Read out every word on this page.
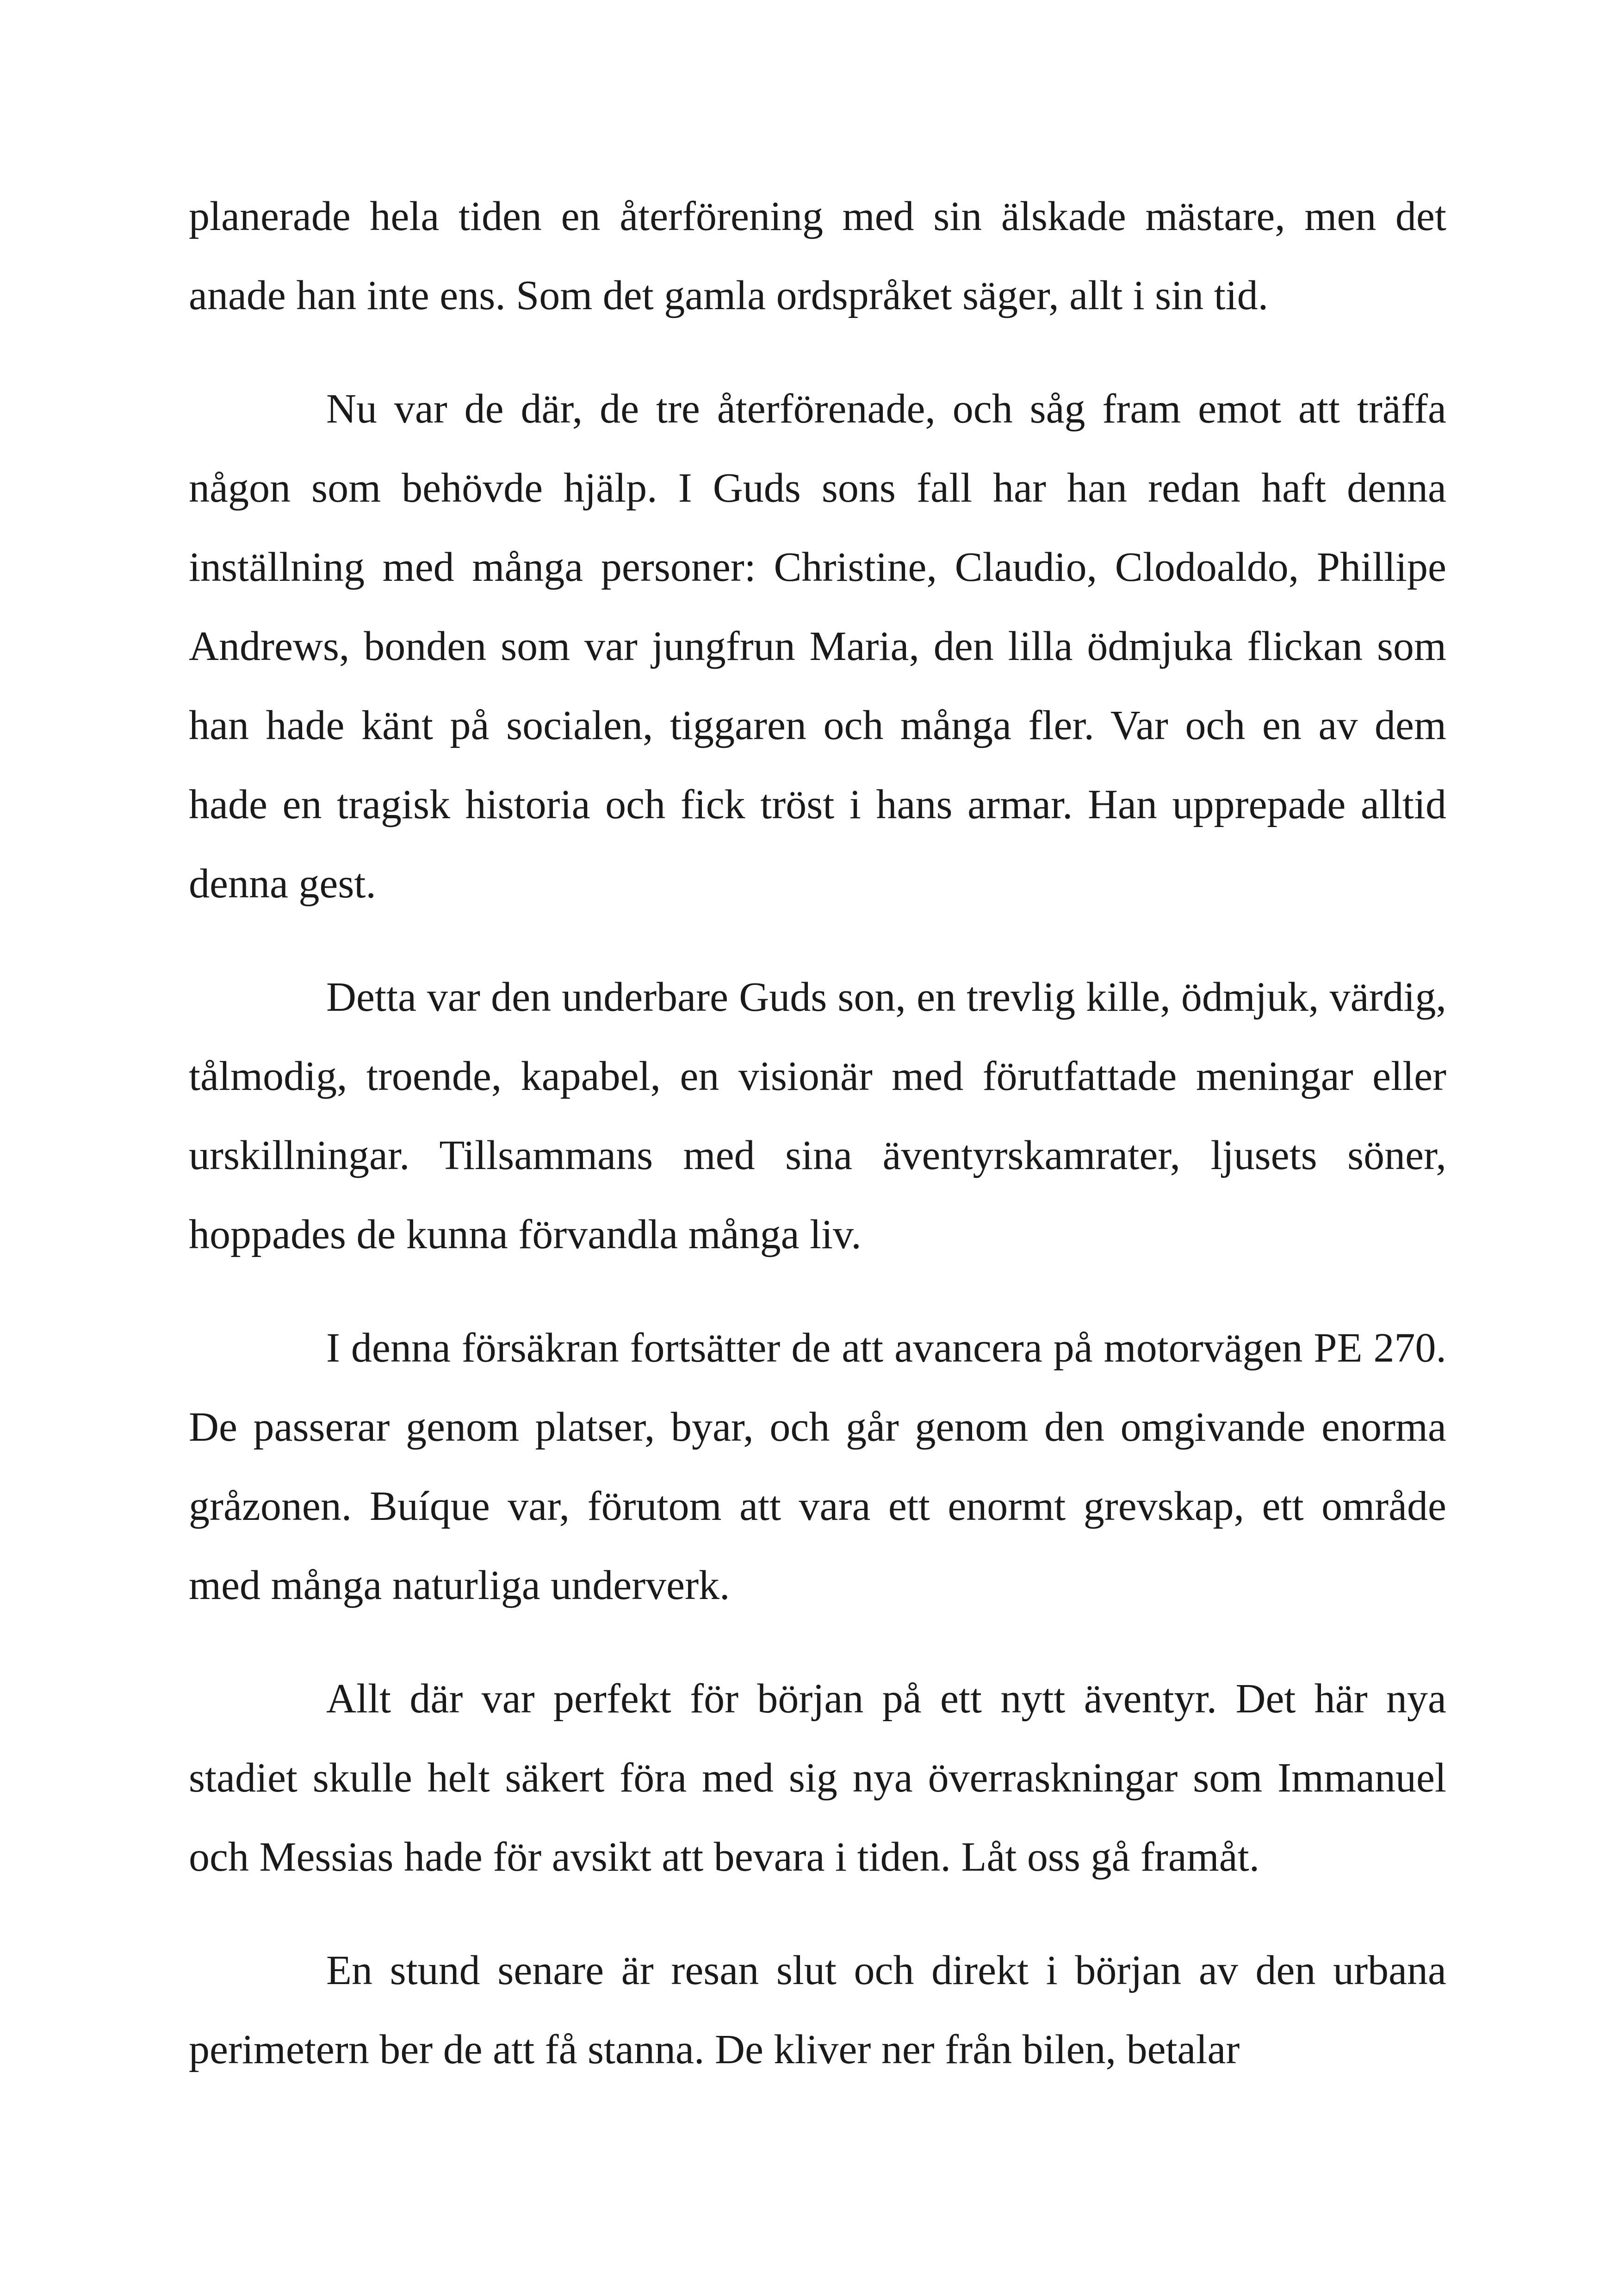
planerade hela tiden en återförening med sin älskade mästare, men det anade han inte ens. Som det gamla ordspråket säger, allt i sin tid.

Nu var de där, de tre återförenade, och såg fram emot att träffa någon som behövde hjälp. I Guds sons fall har han redan haft denna inställning med många personer: Christine, Claudio, Clodoaldo, Phillipe Andrews, bonden som var jungfrun Maria, den lilla ödmjuka flickan som han hade känt på socialen, tiggaren och många fler. Var och en av dem hade en tragisk historia och fick tröst i hans armar. Han upprepade alltid denna gest.

Detta var den underbare Guds son, en trevlig kille, ödmjuk, värdig, tålmodig, troende, kapabel, en visionär med förutfattade meningar eller urskillningar. Tillsammans med sina äventyrskamrater, ljusets söner, hoppades de kunna förvandla många liv.

I denna försäkran fortsätter de att avancera på motorvägen PE 270. De passerar genom platser, byar, och går genom den omgivande enorma gråzonen. Buíque var, förutom att vara ett enormt grevskap, ett område med många naturliga underverk.

Allt där var perfekt för början på ett nytt äventyr. Det här nya stadiet skulle helt säkert föra med sig nya överraskningar som Immanuel och Messias hade för avsikt att bevara i tiden. Låt oss gå framåt.

En stund senare är resan slut och direkt i början av den urbana perimetern ber de att få stanna. De kliver ner från bilen, betalar
